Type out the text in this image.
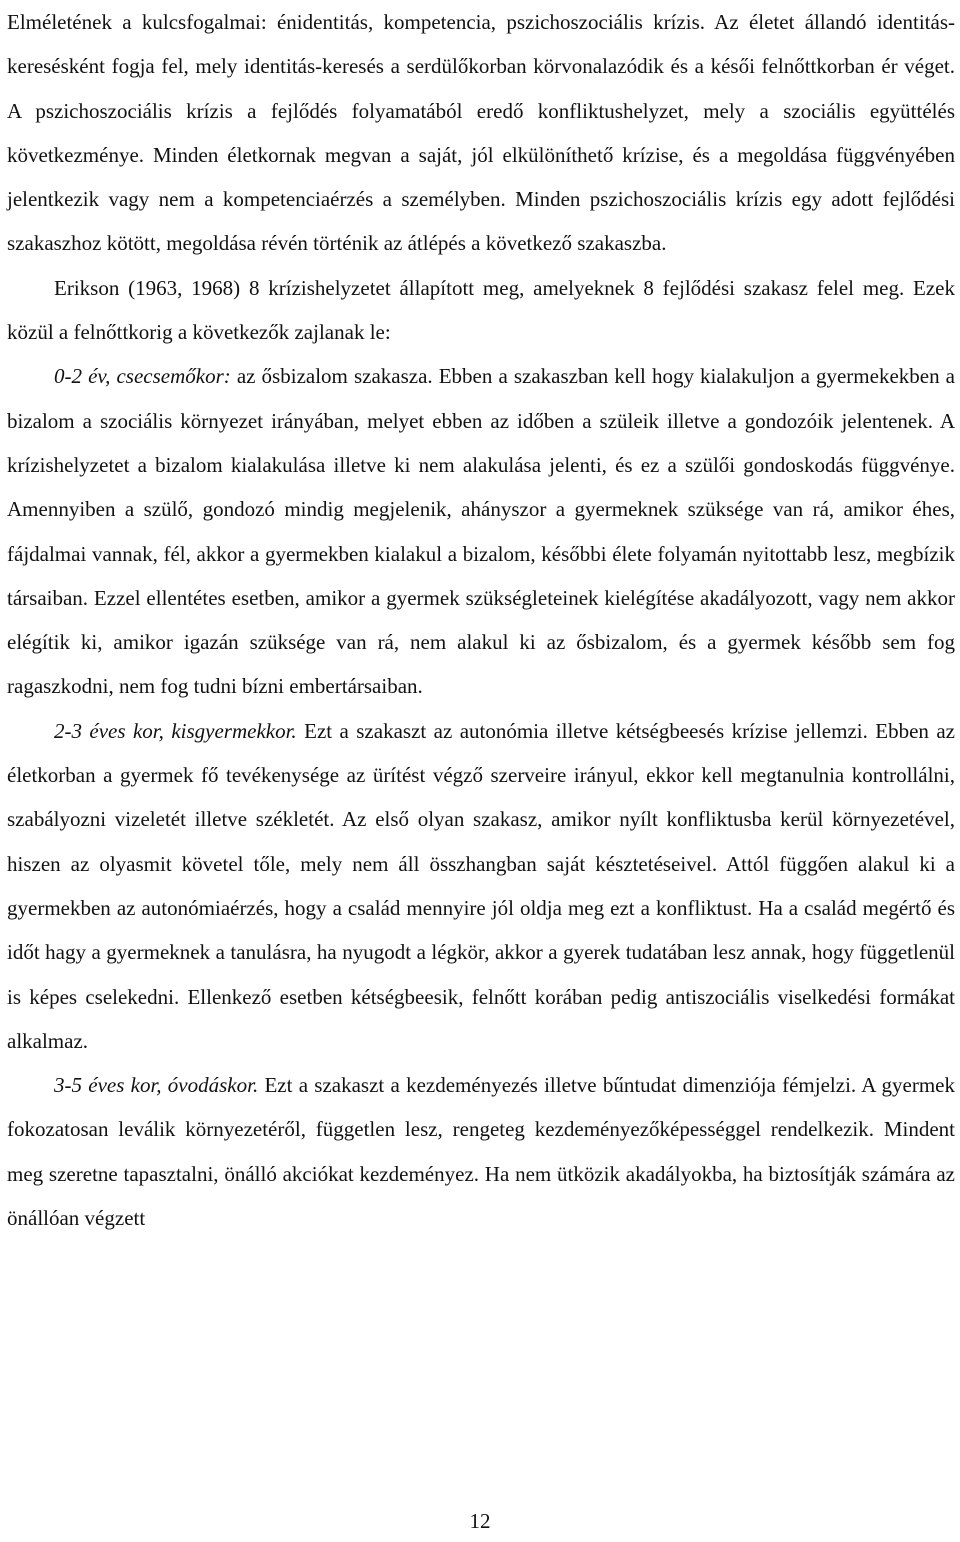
Elméletének a kulcsfogalmai: énidentitás, kompetencia, pszichoszociális krízis. Az életet állandó identitás-keresésként fogja fel, mely identitás-keresés a serdülőkorban körvonalazódik és a késői felnőttkorban ér véget. A pszichoszociális krízis a fejlődés folyamatából eredő konfliktushelyzet, mely a szociális együttélés következménye. Minden életkornak megvan a saját, jól elkülöníthető krízise, és a megoldása függvényében jelentkezik vagy nem a kompetenciaérzés a személyben. Minden pszichoszociális krízis egy adott fejlődési szakaszhoz kötött, megoldása révén történik az átlépés a következő szakaszba.

Erikson (1963, 1968) 8 krízishelyzetet állapított meg, amelyeknek 8 fejlődési szakasz felel meg. Ezek közül a felnőttkorig a következők zajlanak le:

0-2 év, csecsemőkor: az ősbizalom szakasza. Ebben a szakaszban kell hogy kialakuljon a gyermekekben a bizalom a szociális környezet irányában, melyet ebben az időben a szüleik illetve a gondozóik jelentenek. A krízishelyzetet a bizalom kialakulása illetve ki nem alakulása jelenti, és ez a szülői gondoskodás függvénye. Amennyiben a szülő, gondozó mindig megjelenik, ahányszor a gyermeknek szüksége van rá, amikor éhes, fájdalmai vannak, fél, akkor a gyermekben kialakul a bizalom, későbbi élete folyamán nyitottabb lesz, megbízik társaiban. Ezzel ellentétes esetben, amikor a gyermek szükségleteinek kielégítése akadályozott, vagy nem akkor elégítik ki, amikor igazán szüksége van rá, nem alakul ki az ősbizalom, és a gyermek később sem fog ragaszkodni, nem fog tudni bízni embertársaiban.

2-3 éves kor, kisgyermekkor. Ezt a szakaszt az autonómia illetve kétségbeesés krízise jellemzi. Ebben az életkorban a gyermek fő tevékenysége az ürítést végző szerveire irányul, ekkor kell megtanulnia kontrollálni, szabályozni vizeletét illetve székletét. Az első olyan szakasz, amikor nyílt konfliktusba kerül környezetével, hiszen az olyasmit követel tőle, mely nem áll összhangban saját késztetéseivel. Attól függően alakul ki a gyermekben az autonómiaérzés, hogy a család mennyire jól oldja meg ezt a konfliktust. Ha a család megértő és időt hagy a gyermeknek a tanulásra, ha nyugodt a légkör, akkor a gyerek tudatában lesz annak, hogy függetlenül is képes cselekedni. Ellenkező esetben kétségbeesik, felnőtt korában pedig antiszociális viselkedési formákat alkalmaz.

3-5 éves kor, óvodáskor. Ezt a szakaszt a kezdeményezés illetve bűntudat dimenziója fémjelzi. A gyermek fokozatosan leválik környezetéről, független lesz, rengeteg kezdeményezőképességgel rendelkezik. Mindent meg szeretne tapasztalni, önálló akciókat kezdeményez. Ha nem ütközik akadályokba, ha biztosítják számára az önállóan végzett

12
